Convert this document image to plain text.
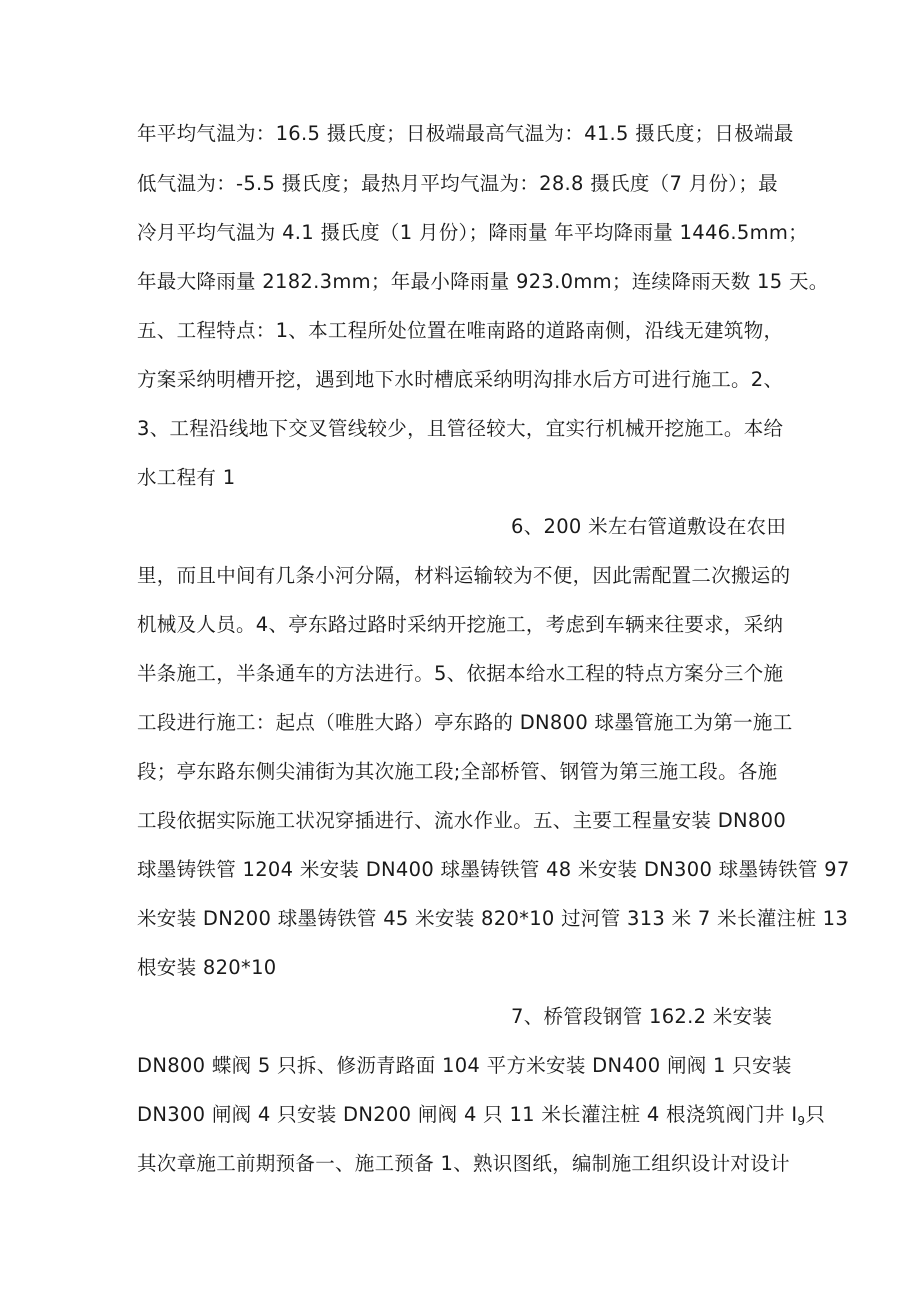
年平均气温为：16.5 摄氏度；日极端最高气温为：41.5 摄氏度；日极端最
低气温为：-5.5 摄氏度；最热月平均气温为：28.8 摄氏度（7 月份）；最
冷月平均气温为 4.1 摄氏度（1 月份）；降雨量 年平均降雨量 1446.5mm；
年最大降雨量 2182.3mm；年最小降雨量 923.0mm；连续降雨天数 15 天。
五、工程特点：1、本工程所处位置在唯南路的道路南侧，沿线无建筑物，
方案采纳明槽开挖，遇到地下水时槽底采纳明沟排水后方可进行施工。2、
3、工程沿线地下交叉管线较少，且管径较大，宜实行机械开挖施工。本给
水工程有 1
6、200 米左右管道敷设在农田
里，而且中间有几条小河分隔，材料运输较为不便，因此需配置二次搬运的
机械及人员。4、亭东路过路时采纳开挖施工，考虑到车辆来往要求，采纳
半条施工，半条通车的方法进行。5、依据本给水工程的特点方案分三个施
工段进行施工：起点（唯胜大路）亭东路的 DN800 球墨管施工为第一施工
段；亭东路东侧尖浦街为其次施工段;全部桥管、钢管为第三施工段。各施
工段依据实际施工状况穿插进行、流水作业。五、主要工程量安装 DN800
球墨铸铁管 1204 米安装 DN400 球墨铸铁管 48 米安装 DN300 球墨铸铁管 97
米安装 DN200 球墨铸铁管 45 米安装 820*10 过河管 313 米 7 米长灌注桩 13
根安装 820*10
7、桥管段钢管 162.2 米安装
DN800 蝶阀 5 只拆、修沥青路面 104 平方米安装 DN400 闸阀 1 只安装
DN300 闸阀 4 只安装 DN200 闸阀 4 只 11 米长灌注桩 4 根浇筑阀门井 $I_9$只
其次章施工前期预备一、施工预备 1、熟识图纸，编制施工组织设计对设计
